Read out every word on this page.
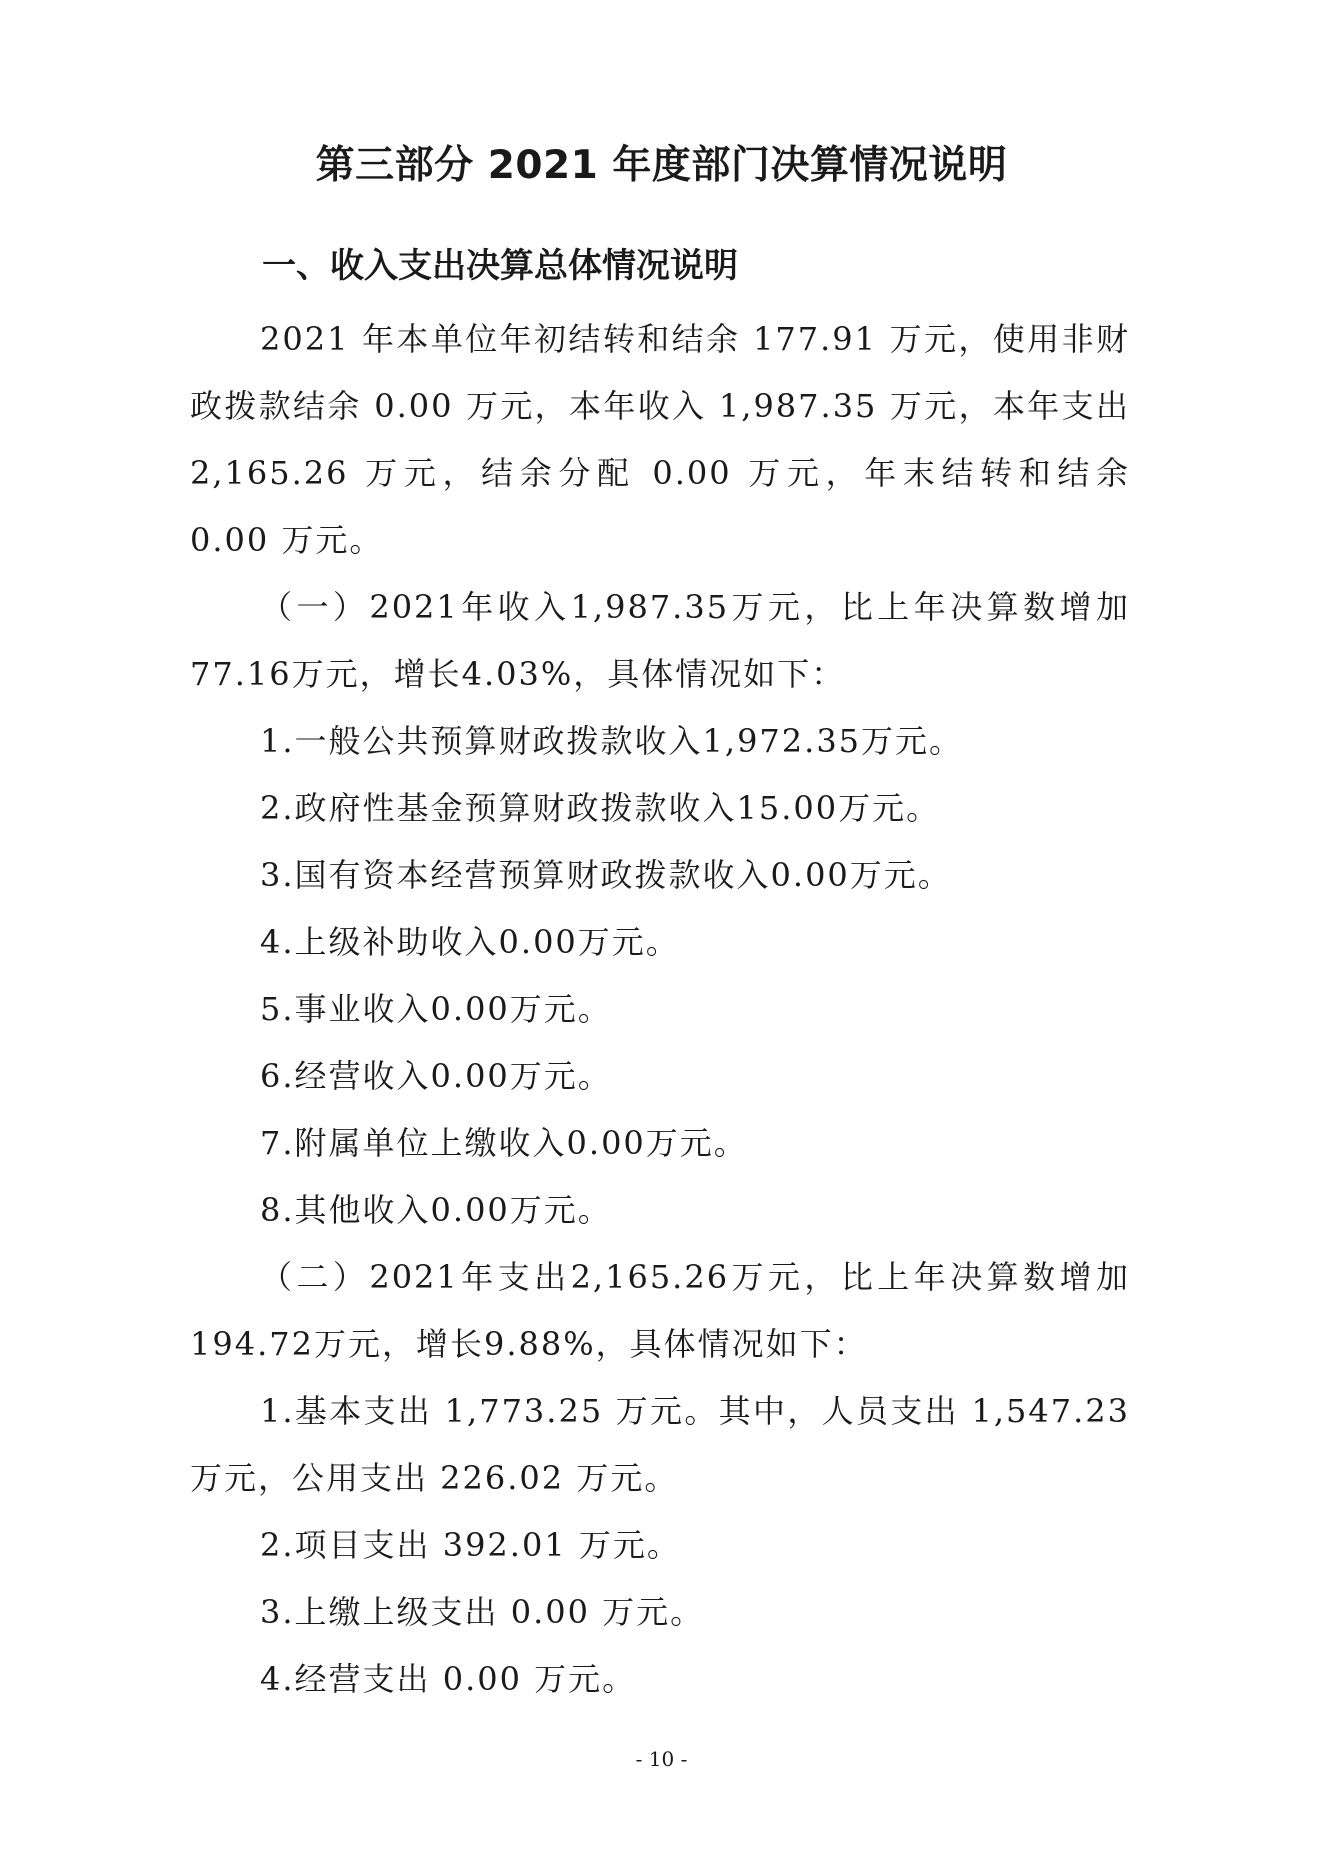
第三部分 2021 年度部门决算情况说明
一、收入支出决算总体情况说明

2021 年本单位年初结转和结余 177.91 万元，使用非财政拨款结余 0.00 万元，本年收入 1,987.35 万元，本年支出 2,165.26 万元，结余分配 0.00 万元，年末结转和结余 0.00 万元。

（一）2021年收入1,987.35万元，比上年决算数增加77.16万元，增长4.03%，具体情况如下：

1.一般公共预算财政拨款收入1,972.35万元。

2.政府性基金预算财政拨款收入15.00万元。

3.国有资本经营预算财政拨款收入0.00万元。

4.上级补助收入0.00万元。

5.事业收入0.00万元。

6.经营收入0.00万元。

7.附属单位上缴收入0.00万元。

8.其他收入0.00万元。

（二）2021年支出2,165.26万元，比上年决算数增加194.72万元，增长9.88%，具体情况如下：

1.基本支出 1,773.25 万元。其中，人员支出 1,547.23 万元，公用支出 226.02 万元。

2.项目支出 392.01 万元。

3.上缴上级支出 0.00 万元。

4.经营支出 0.00 万元。

- 10 -
